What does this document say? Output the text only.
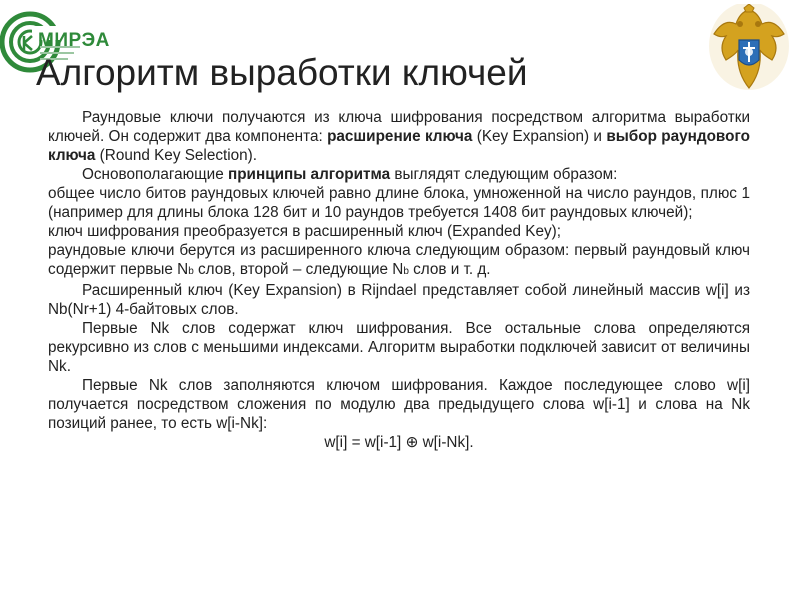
МИРЭА
Алгоритм выработки ключей

Раундовые ключи получаются из ключа шифрования посредством алгоритма выработки ключей. Он содержит два компонента: расширение ключа (Key Expansion) и выбор раундового ключа (Round Key Selection).

Основополагающие принципы алгоритма выглядят следующим образом:

общее число битов раундовых ключей равно длине блока, умноженной на число раундов, плюс 1 (например для длины блока 128 бит и 10 раундов требуется 1408 бит раундовых ключей);

ключ шифрования преобразуется в расширенный ключ (Expanded Key);

раундовые ключи берутся из расширенного ключа следующим образом: первый раундовый ключ содержит первые Nb слов, второй – следующие Nb слов и т. д.

Расширенный ключ (Key Expansion) в Rijndael представляет собой линейный массив w[i] из Nb(Nr+1) 4-байтовых слов.

Первые Nk слов содержат ключ шифрования. Все остальные слова определяются рекурсивно из слов с меньшими индексами. Алгоритм выработки подключей зависит от величины Nk.

Первые Nk слов заполняются ключом шифрования. Каждое последующее слово w[i] получается посредством сложения по модулю два предыдущего слова w[i-1] и слова на Nk позиций ранее, то есть w[i-Nk]:

w[i] = w[i-1] ⊕ w[i-Nk].
